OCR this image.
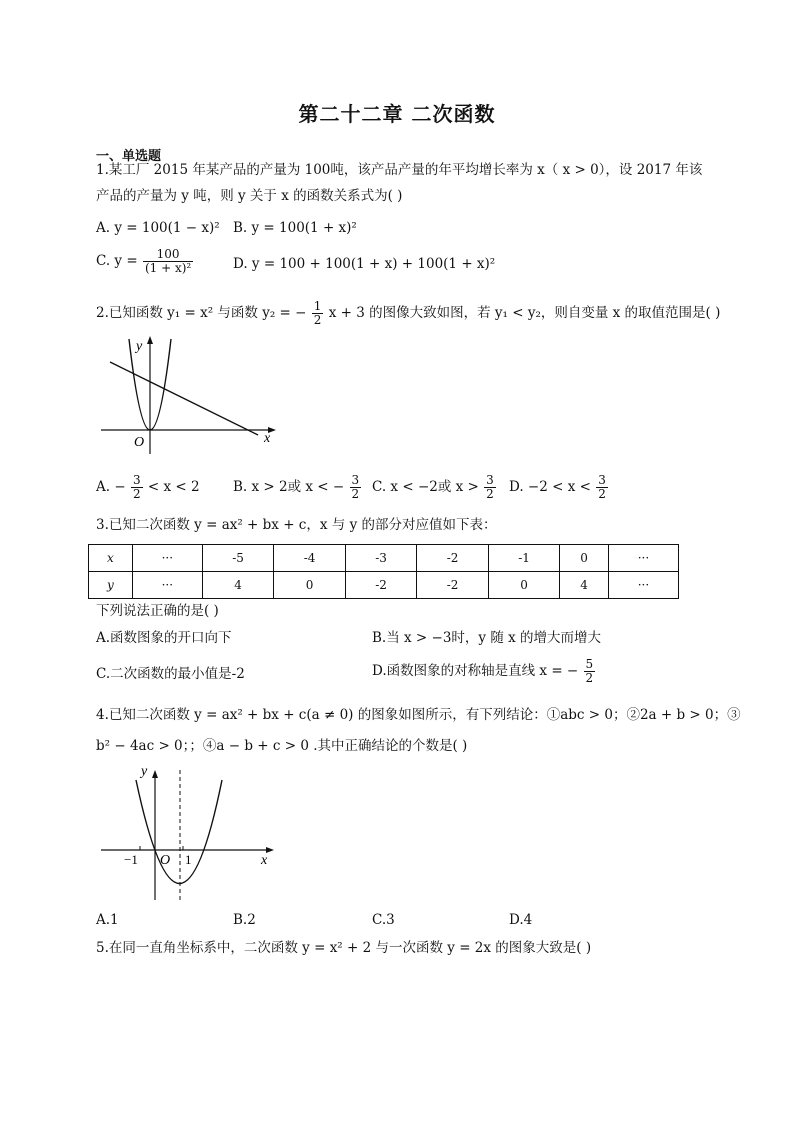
第二十二章 二次函数
一、单选题
1.某工厂 2015 年某产品的产量为 100吨，该产品产量的年平均增长率为 x（ x > 0），设 2017 年该
产品的产量为 y 吨，则 y 关于 x 的函数关系式为( )
A. y = 100(1 − x)² B. y = 100(1 + x)²
C. $y = \frac{100}{\text{(1 + x)²}}$	D. y = 100 + 100(1 + x) + 100(1 + x)²
2.已知函数 y₁ = x² 与函数 y₂ = − $\frac{1}{2}$ x + 3 的图像大致如图，若 y₁ < y₂，则自变量 x 的取值范围是( )
y
x
O
A. − $\frac{3}{2} < x < 2$ B. x > 2或 x < − $\frac{3}{2} C$. x < −2或 $x > \frac{3}{2} D$. $-2 < x < \frac{3}{2}$
3.已知二次函数 y = ax² + bx + c，x 与 y 的部分对应值如下表：
x	···	-5	-4	-3	-2	-1	0	···
y	···	4	0	-2	-2	0	4	···
下列说法正确的是( )
A.函数图象的开口向下	B.当 x > −3时，y 随 x 的增大而增大
C.二次函数的最小值是-2	D.函数图象的对称轴是直线 x = − $\frac{5}{2}$
4.已知二次函数 y = ax² + bx + c(a ≠ 0) 的图象如图所示，有下列结论：①abc > 0；②2a + b > 0；③
b² − 4ac > 0；；④a − b + c > 0 .其中正确结论的个数是( )
y
x
O
−1	1
A.1	B.2	C.3	D.4
5.在同一直角坐标系中，二次函数 y = x² + 2 与一次函数 y = 2x 的图象大致是( )
